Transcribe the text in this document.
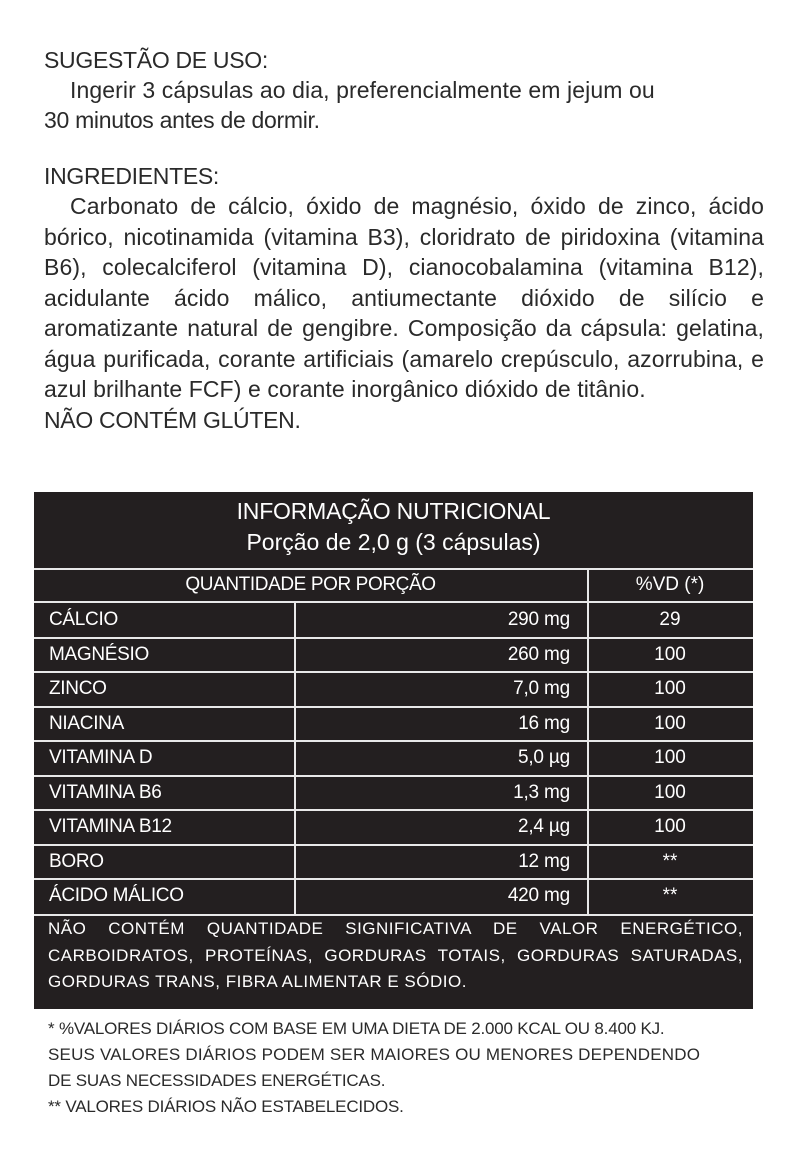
SUGESTÃO DE USO:
Ingerir 3 cápsulas ao dia, preferencialmente em jejum ou
30 minutos antes de dormir.
INGREDIENTES:
Carbonato de cálcio, óxido de magnésio, óxido de zinco, ácido bórico, nicotinamida (vitamina B3), cloridrato de piridoxina (vitamina B6), colecalciferol (vitamina D), cianocobalamina (vitamina B12), acidulante ácido málico, antiumectante dióxido de silício e aromatizante natural de gengibre. Composição da cápsula: gelatina, água purificada, corante artificiais (amarelo crepúsculo, azorrubina, e azul brilhante FCF) e corante inorgânico dióxido de titânio.
NÃO CONTÉM GLÚTEN.
INFORMAÇÃO NUTRICIONAL
Porção de 2,0 g (3 cápsulas)
QUANTIDADE POR PORÇÃO	%VD (*)
CÁLCIO	290 mg	29
MAGNÉSIO	260 mg	100
ZINCO	7,0 mg	100
NIACINA	16 mg	100
VITAMINA D	5,0 µg	100
VITAMINA B6	1,3 mg	100
VITAMINA B12	2,4 µg	100
BORO	12 mg	**
ÁCIDO MÁLICO	420 mg	**
NÃO CONTÉM QUANTIDADE SIGNIFICATIVA DE VALOR ENERGÉTICO, CARBOIDRATOS, PROTEÍNAS, GORDURAS TOTAIS, GORDURAS SATURADAS, GORDURAS TRANS, FIBRA ALIMENTAR E SÓDIO.
* %VALORES DIÁRIOS COM BASE EM UMA DIETA DE 2.000 KCAL OU 8.400 KJ.
SEUS VALORES DIÁRIOS PODEM SER MAIORES OU MENORES DEPENDENDO
DE SUAS NECESSIDADES ENERGÉTICAS.
** VALORES DIÁRIOS NÃO ESTABELECIDOS.
